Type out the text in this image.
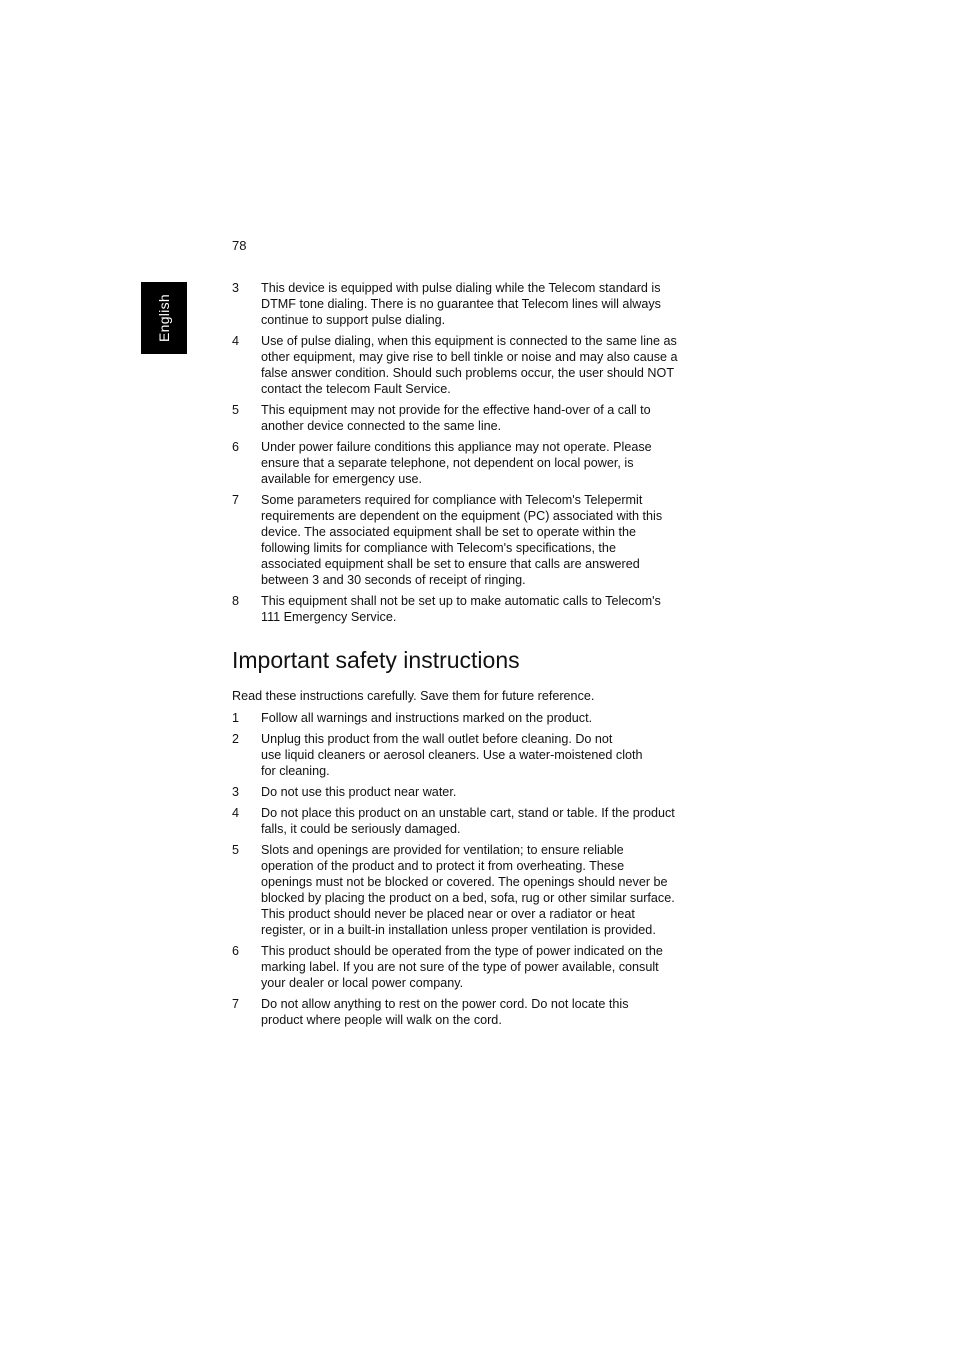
78
English
3	This device is equipped with pulse dialing while the Telecom standard is
DTMF tone dialing. There is no guarantee that Telecom lines will always
continue to support pulse dialing.
4	Use of pulse dialing, when this equipment is connected to the same line as
other equipment, may give rise to bell tinkle or noise and may also cause a
false answer condition. Should such problems occur, the user should NOT
contact the telecom Fault Service.
5	This equipment may not provide for the effective hand-over of a call to
another device connected to the same line.
6	Under power failure conditions this appliance may not operate. Please
ensure that a separate telephone, not dependent on local power, is
available for emergency use.
7	Some parameters required for compliance with Telecom's Telepermit
requirements are dependent on the equipment (PC) associated with this
device. The associated equipment shall be set to operate within the
following limits for compliance with Telecom's specifications, the
associated equipment shall be set to ensure that calls are answered
between 3 and 30 seconds of receipt of ringing.
8	This equipment shall not be set up to make automatic calls to Telecom's
111 Emergency Service.
Important safety instructions

Read these instructions carefully. Save them for future reference.

1	Follow all warnings and instructions marked on the product.
2	Unplug this product from the wall outlet before cleaning. Do not
use liquid cleaners or aerosol cleaners. Use a water-moistened cloth
for cleaning.
3	Do not use this product near water.
4	Do not place this product on an unstable cart, stand or table. If the product
falls, it could be seriously damaged.
5	Slots and openings are provided for ventilation; to ensure reliable
operation of the product and to protect it from overheating. These
openings must not be blocked or covered. The openings should never be
blocked by placing the product on a bed, sofa, rug or other similar surface.
This product should never be placed near or over a radiator or heat
register, or in a built-in installation unless proper ventilation is provided.
6	This product should be operated from the type of power indicated on the
marking label. If you are not sure of the type of power available, consult
your dealer or local power company.
7	Do not allow anything to rest on the power cord. Do not locate this
product where people will walk on the cord.
